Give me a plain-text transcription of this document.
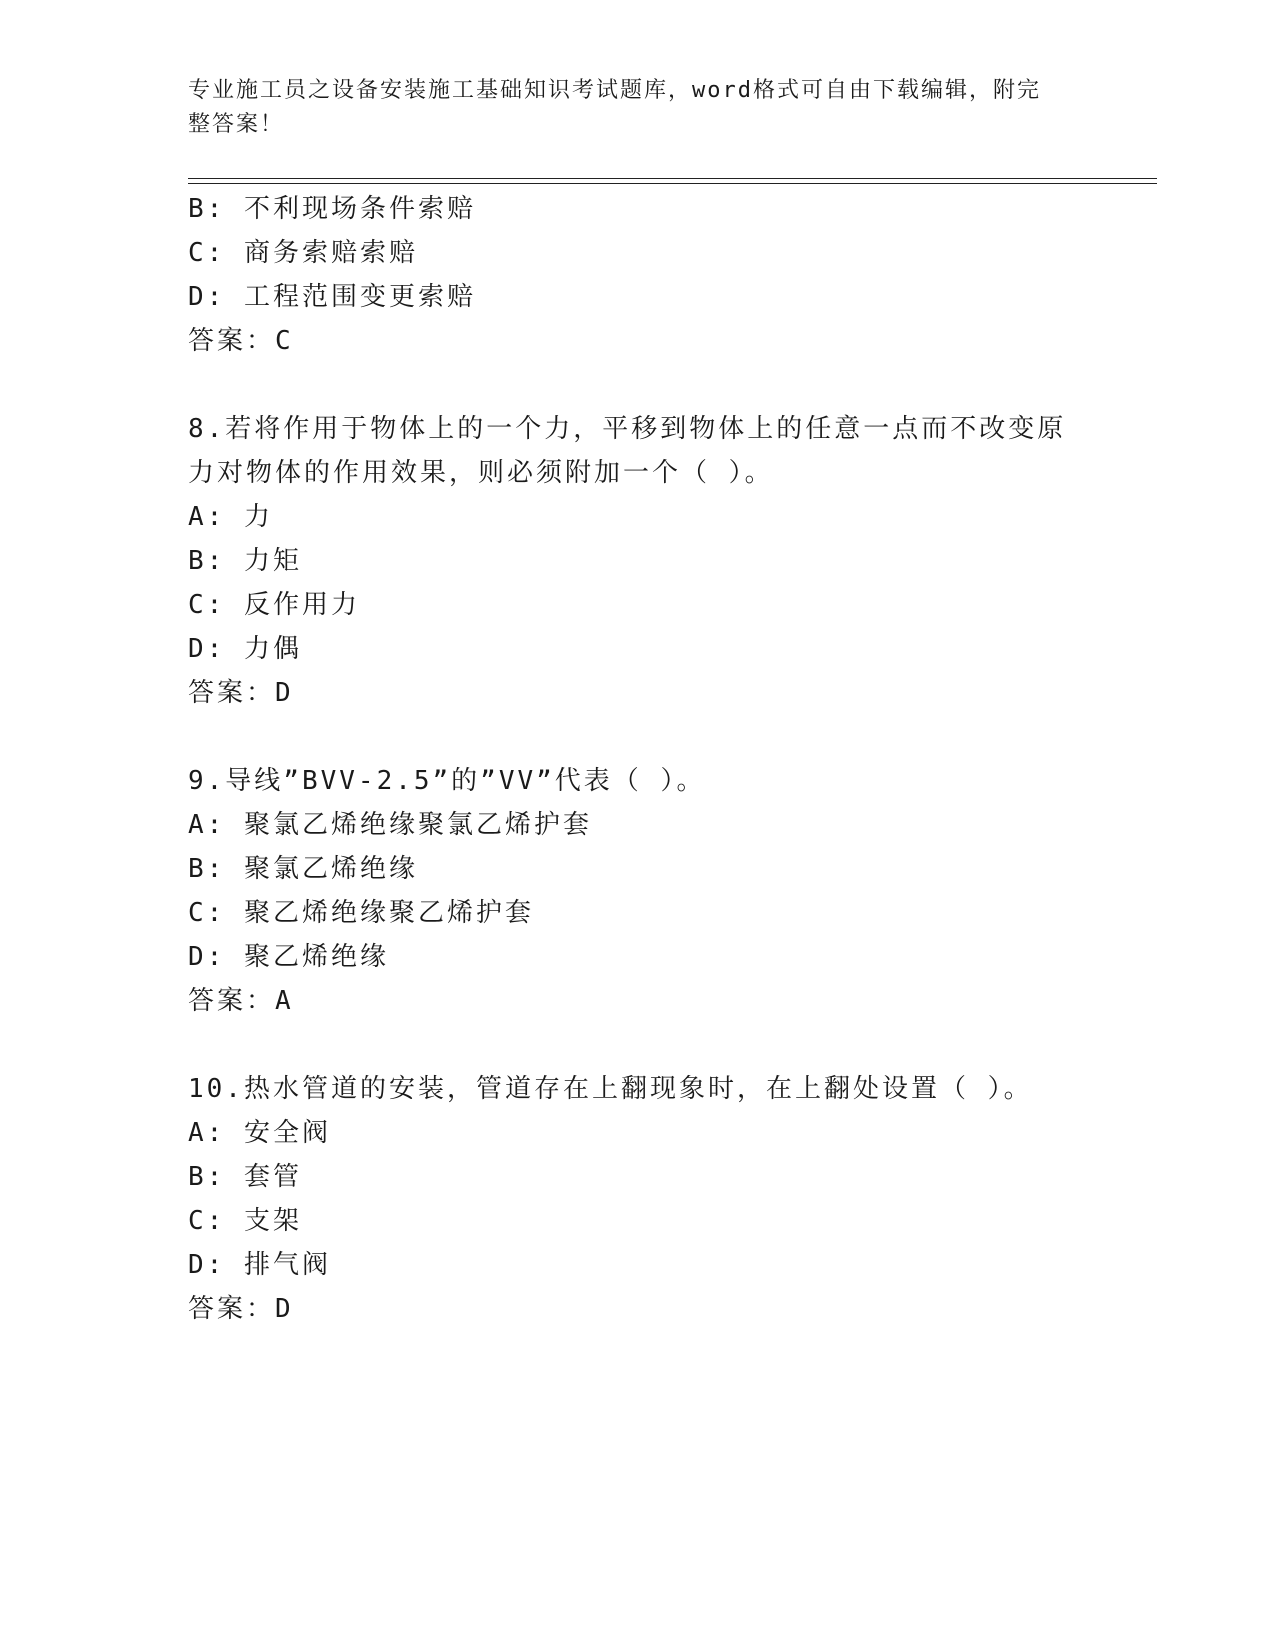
专业施工员之设备安装施工基础知识考试题库，word格式可自由下载编辑，附完
整答案！
B: 不利现场条件索赔
C: 商务索赔索赔
D: 工程范围变更索赔
答案：C
8.若将作用于物体上的一个力，平移到物体上的任意一点而不改变原
力对物体的作用效果，则必须附加一个（ ）。
A: 力
B: 力矩
C: 反作用力
D: 力偶
答案：D
9.导线”BVV-2.5”的”VV”代表（ ）。
A: 聚氯乙烯绝缘聚氯乙烯护套
B: 聚氯乙烯绝缘
C: 聚乙烯绝缘聚乙烯护套
D: 聚乙烯绝缘
答案：A
10.热水管道的安装，管道存在上翻现象时，在上翻处设置（ ）。
A: 安全阀
B: 套管
C: 支架
D: 排气阀
答案：D
